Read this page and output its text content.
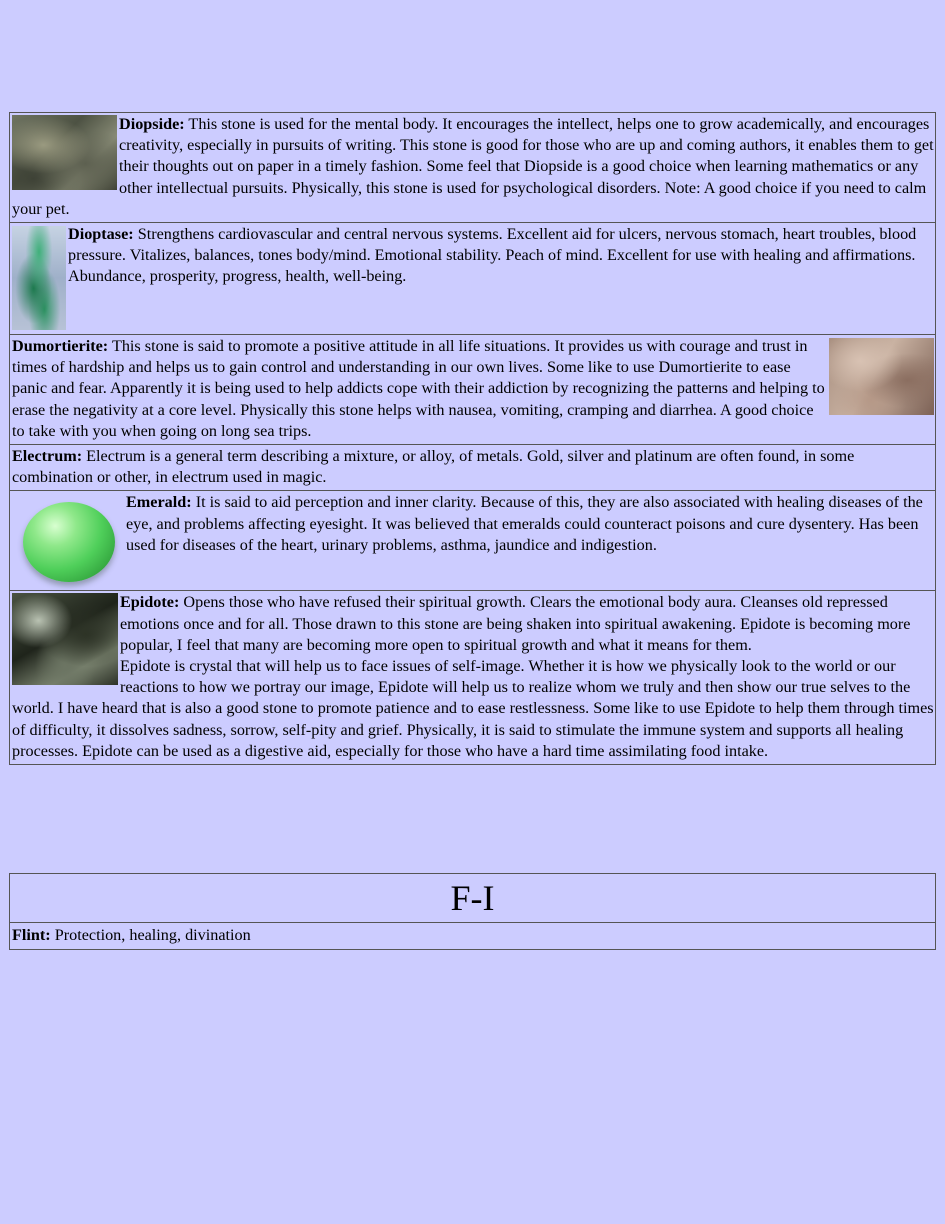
Diopside: This stone is used for the mental body. It encourages the intellect, helps one to grow academically, and encourages creativity, especially in pursuits of writing. This stone is good for those who are up and coming authors, it enables them to get their thoughts out on paper in a timely fashion. Some feel that Diopside is a good choice when learning mathematics or any other intellectual pursuits. Physically, this stone is used for psychological disorders. Note: A good choice if you need to calm your pet.

Dioptase: Strengthens cardiovascular and central nervous systems. Excellent aid for ulcers, nervous stomach, heart troubles, blood pressure. Vitalizes, balances, tones body/mind. Emotional stability. Peach of mind. Excellent for use with healing and affirmations. Abundance, prosperity, progress, health, well-being.

Dumortierite: This stone is said to promote a positive attitude in all life situations. It provides us with courage and trust in times of hardship and helps us to gain control and understanding in our own lives. Some like to use Dumortierite to ease panic and fear. Apparently it is being used to help addicts cope with their addiction by recognizing the patterns and helping to erase the negativity at a core level. Physically this stone helps with nausea, vomiting, cramping and diarrhea. A good choice to take with you when going on long sea trips.

Electrum: Electrum is a general term describing a mixture, or alloy, of metals. Gold, silver and platinum are often found, in some combination or other, in electrum used in magic.

Emerald: It is said to aid perception and inner clarity. Because of this, they are also associated with healing diseases of the eye, and problems affecting eyesight. It was believed that emeralds could counteract poisons and cure dysentery. Has been used for diseases of the heart, urinary problems, asthma, jaundice and indigestion.

Epidote: Opens those who have refused their spiritual growth. Clears the emotional body aura. Cleanses old repressed emotions once and for all. Those drawn to this stone are being shaken into spiritual awakening. Epidote is becoming more popular, I feel that many are becoming more open to spiritual growth and what it means for them.
Epidote is crystal that will help us to face issues of self-image. Whether it is how we physically look to the world or our reactions to how we portray our image, Epidote will help us to realize whom we truly and then show our true selves to the world. I have heard that is also a good stone to promote patience and to ease restlessness. Some like to use Epidote to help them through times of difficulty, it dissolves sadness, sorrow, self-pity and grief. Physically, it is said to stimulate the immune system and supports all healing processes. Epidote can be used as a digestive aid, especially for those who have a hard time assimilating food intake.
F-I
Flint: Protection, healing, divination
